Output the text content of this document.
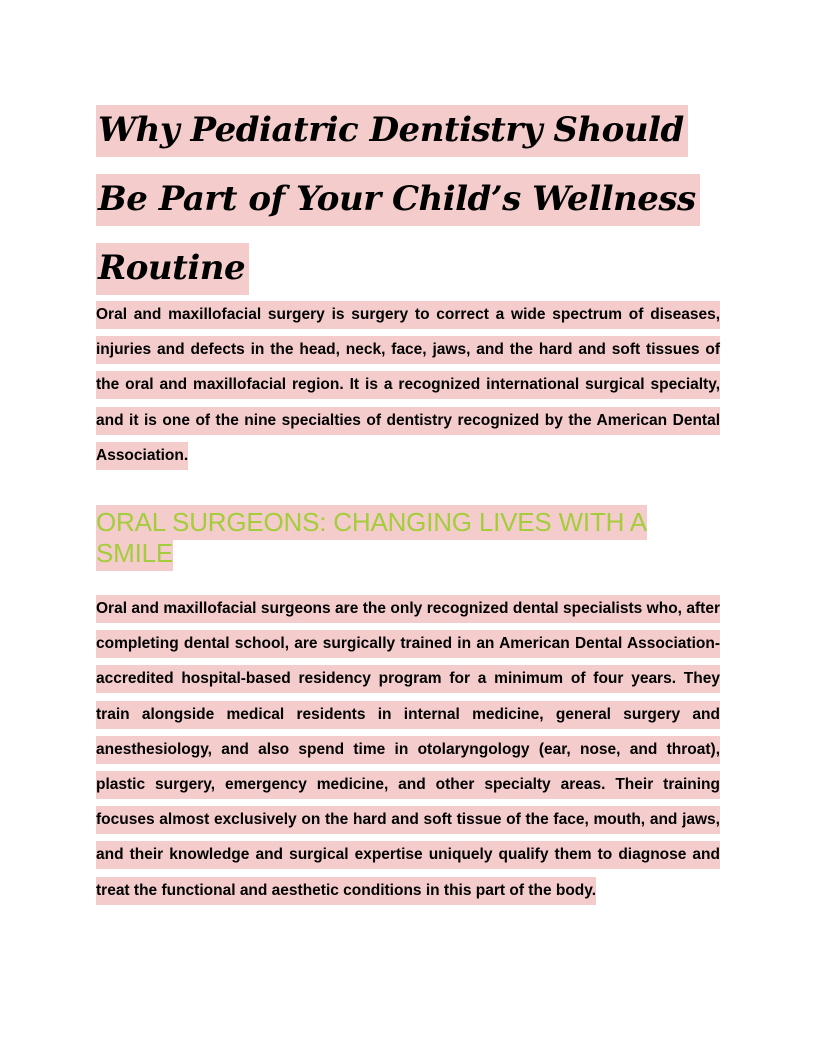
Why Pediatric Dentistry Should Be Part of Your Child’s Wellness Routine

Oral and maxillofacial surgery is surgery to correct a wide spectrum of diseases, injuries and defects in the head, neck, face, jaws, and the hard and soft tissues of the oral and maxillofacial region. It is a recognized international surgical specialty, and it is one of the nine specialties of dentistry recognized by the American Dental Association.

ORAL SURGEONS: CHANGING LIVES WITH A SMILE

Oral and maxillofacial surgeons are the only recognized dental specialists who, after completing dental school, are surgically trained in an American Dental Association-accredited hospital-based residency program for a minimum of four years. They train alongside medical residents in internal medicine, general surgery and anesthesiology, and also spend time in otolaryngology (ear, nose, and throat), plastic surgery, emergency medicine, and other specialty areas. Their training focuses almost exclusively on the hard and soft tissue of the face, mouth, and jaws, and their knowledge and surgical expertise uniquely qualify them to diagnose and treat the functional and aesthetic conditions in this part of the body.
